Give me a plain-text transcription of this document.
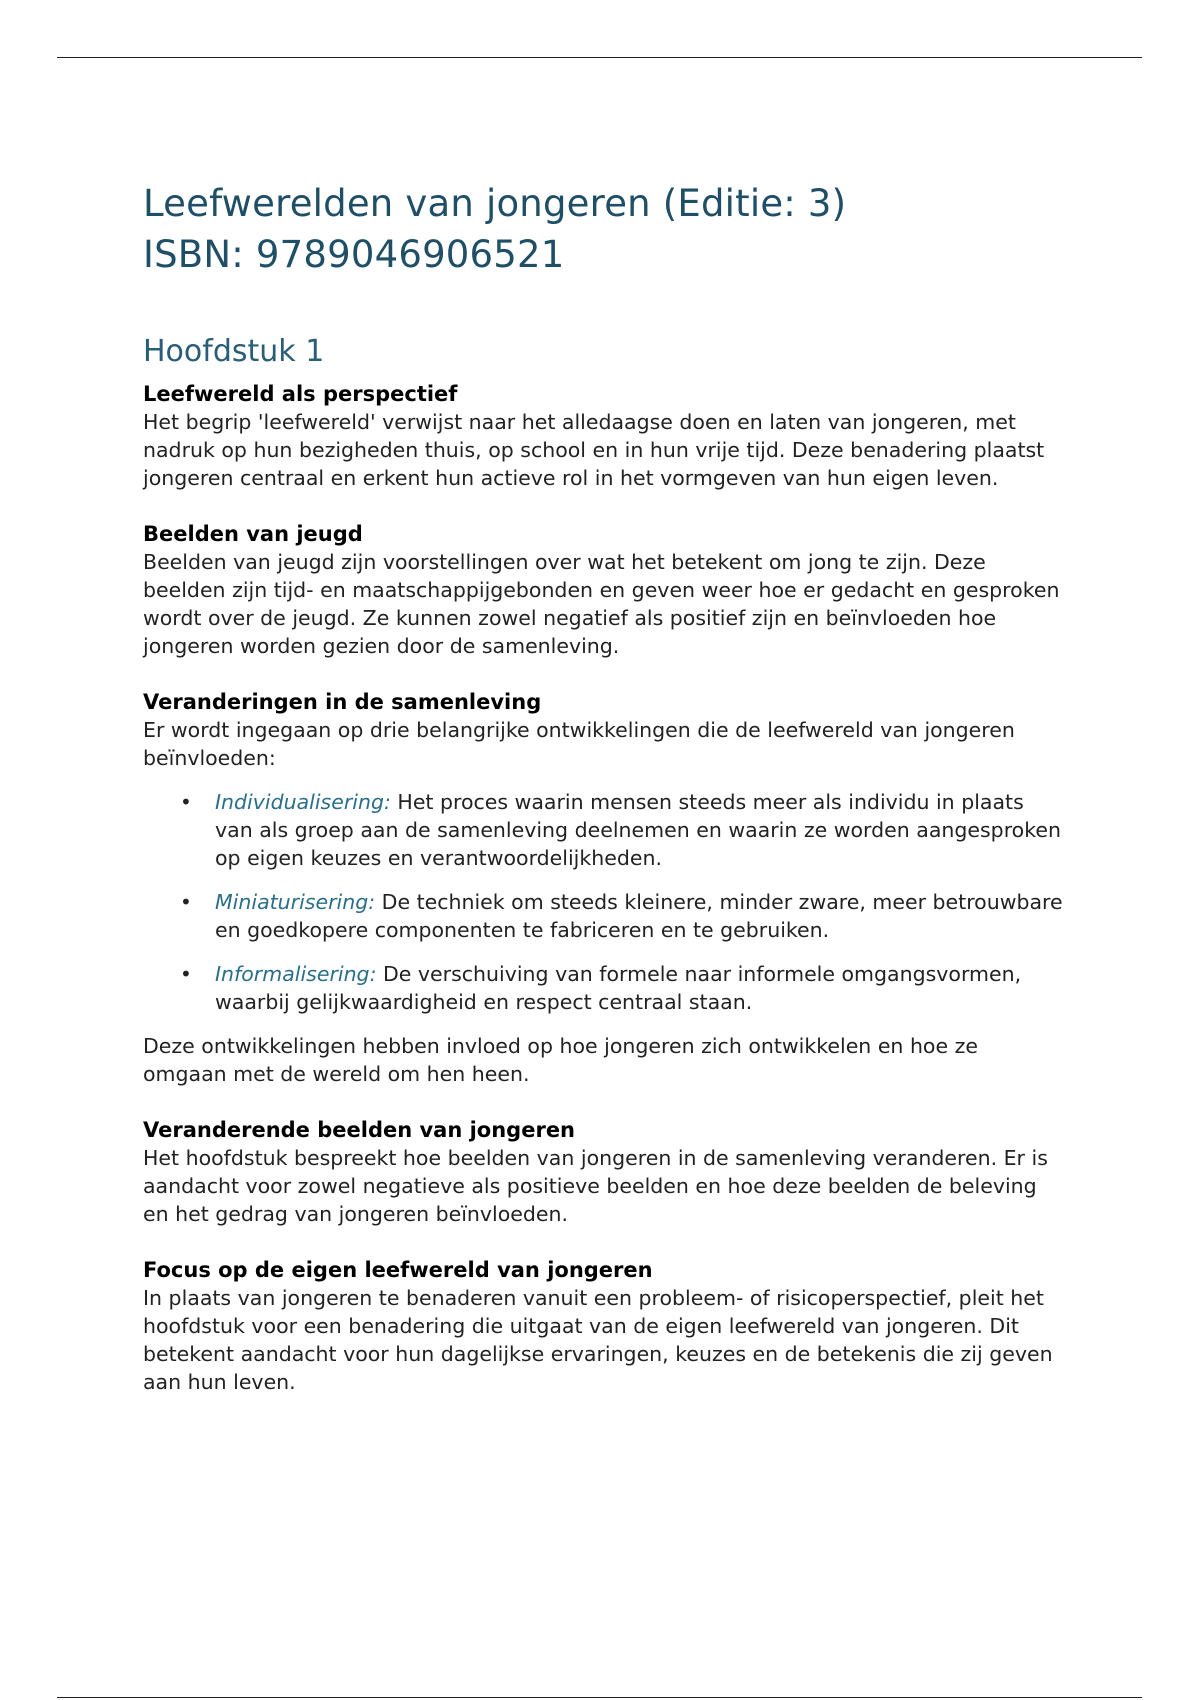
Leefwerelden van jongeren (Editie: 3)
ISBN: 9789046906521
Hoofdstuk 1
Leefwereld als perspectief

Het begrip 'leefwereld' verwijst naar het alledaagse doen en laten van jongeren, met nadruk op hun bezigheden thuis, op school en in hun vrije tijd. Deze benadering plaatst jongeren centraal en erkent hun actieve rol in het vormgeven van hun eigen leven.

Beelden van jeugd

Beelden van jeugd zijn voorstellingen over wat het betekent om jong te zijn. Deze beelden zijn tijd- en maatschappijgebonden en geven weer hoe er gedacht en gesproken wordt over de jeugd. Ze kunnen zowel negatief als positief zijn en beïnvloeden hoe jongeren worden gezien door de samenleving.

Veranderingen in de samenleving

Er wordt ingegaan op drie belangrijke ontwikkelingen die de leefwereld van jongeren beïnvloeden:

• Individualisering: Het proces waarin mensen steeds meer als individu in plaats van als groep aan de samenleving deelnemen en waarin ze worden aangesproken op eigen keuzes en verantwoordelijkheden.
• Miniaturisering: De techniek om steeds kleinere, minder zware, meer betrouwbare en goedkopere componenten te fabriceren en te gebruiken.
• Informalisering: De verschuiving van formele naar informele omgangsvormen, waarbij gelijkwaardigheid en respect centraal staan.

Deze ontwikkelingen hebben invloed op hoe jongeren zich ontwikkelen en hoe ze omgaan met de wereld om hen heen.

Veranderende beelden van jongeren

Het hoofdstuk bespreekt hoe beelden van jongeren in de samenleving veranderen. Er is aandacht voor zowel negatieve als positieve beelden en hoe deze beelden de beleving en het gedrag van jongeren beïnvloeden.

Focus op de eigen leefwereld van jongeren

In plaats van jongeren te benaderen vanuit een probleem- of risicoperspectief, pleit het hoofdstuk voor een benadering die uitgaat van de eigen leefwereld van jongeren. Dit betekent aandacht voor hun dagelijkse ervaringen, keuzes en de betekenis die zij geven aan hun leven.
